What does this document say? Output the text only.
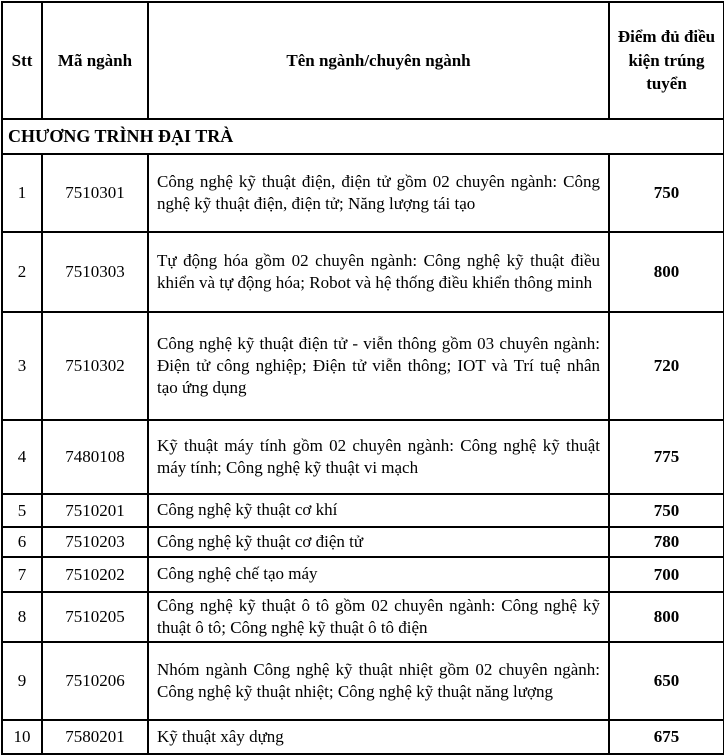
Stt	Mã ngành	Tên ngành/chuyên ngành	Điểm đủ điều kiện trúng tuyển
CHƯƠNG TRÌNH ĐẠI TRÀ			
1	7510301	Công nghệ kỹ thuật điện, điện tử gồm 02 chuyên ngành: Công nghệ kỹ thuật điện, điện tử; Năng lượng tái tạo	750
2	7510303	Tự động hóa gồm 02 chuyên ngành: Công nghệ kỹ thuật điều khiển và tự động hóa; Robot và hệ thống điều khiển thông minh	800
3	7510302	Công nghệ kỹ thuật điện tử - viễn thông gồm 03 chuyên ngành: Điện tử công nghiệp; Điện tử viễn thông; IOT và Trí tuệ nhân tạo ứng dụng	720
4	7480108	Kỹ thuật máy tính gồm 02 chuyên ngành: Công nghệ kỹ thuật máy tính; Công nghệ kỹ thuật vi mạch	775
5	7510201	Công nghệ kỹ thuật cơ khí	750
6	7510203	Công nghệ kỹ thuật cơ điện tử	780
7	7510202	Công nghệ chế tạo máy	700
8	7510205	Công nghệ kỹ thuật ô tô gồm 02 chuyên ngành: Công nghệ kỹ thuật ô tô; Công nghệ kỹ thuật ô tô điện	800
9	7510206	Nhóm ngành Công nghệ kỹ thuật nhiệt gồm 02 chuyên ngành: Công nghệ kỹ thuật nhiệt; Công nghệ kỹ thuật năng lượng	650
10	7580201	Kỹ thuật xây dựng	675
